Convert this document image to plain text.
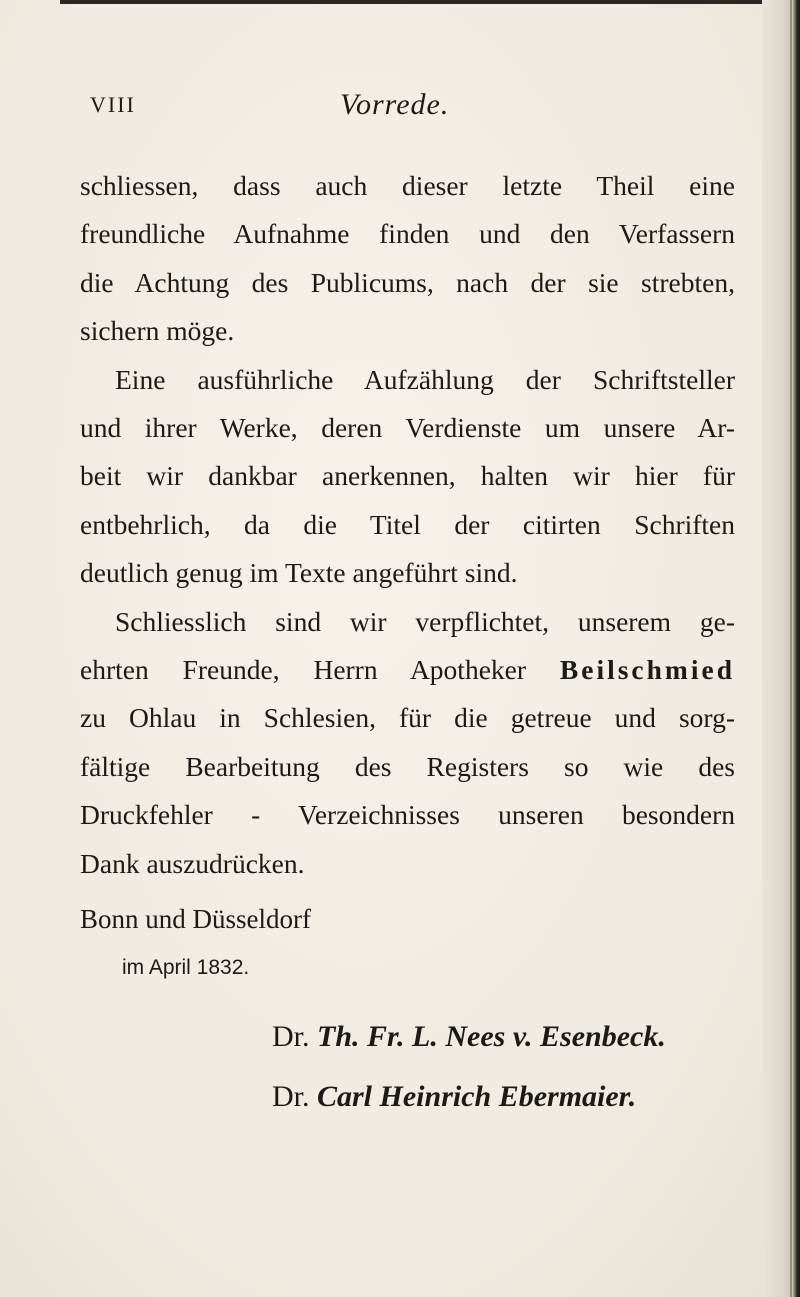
VIII	Vorrede.
schliessen, dass auch dieser letzte Theil eine
freundliche Aufnahme finden und den Verfassern
die Achtung des Publicums, nach der sie strebten,
sichern möge.
Eine ausführliche Aufzählung der Schriftsteller
und ihrer Werke, deren Verdienste um unsere Ar-
beit wir dankbar anerkennen, halten wir hier für
entbehrlich, da die Titel der citirten Schriften
deutlich genug im Texte angeführt sind.
Schliesslich sind wir verpflichtet, unserem ge-
ehrten Freunde, Herrn Apotheker Beilschmied
zu Ohlau in Schlesien, für die getreue und sorg-
fältige Bearbeitung des Registers so wie des
Druckfehler - Verzeichnisses unseren besondern
Dank auszudrücken.
Bonn und Düsseldorf
im April 1832.
Dr. Th. Fr. L. Nees v. Esenbeck.
Dr. Carl Heinrich Ebermaier.
